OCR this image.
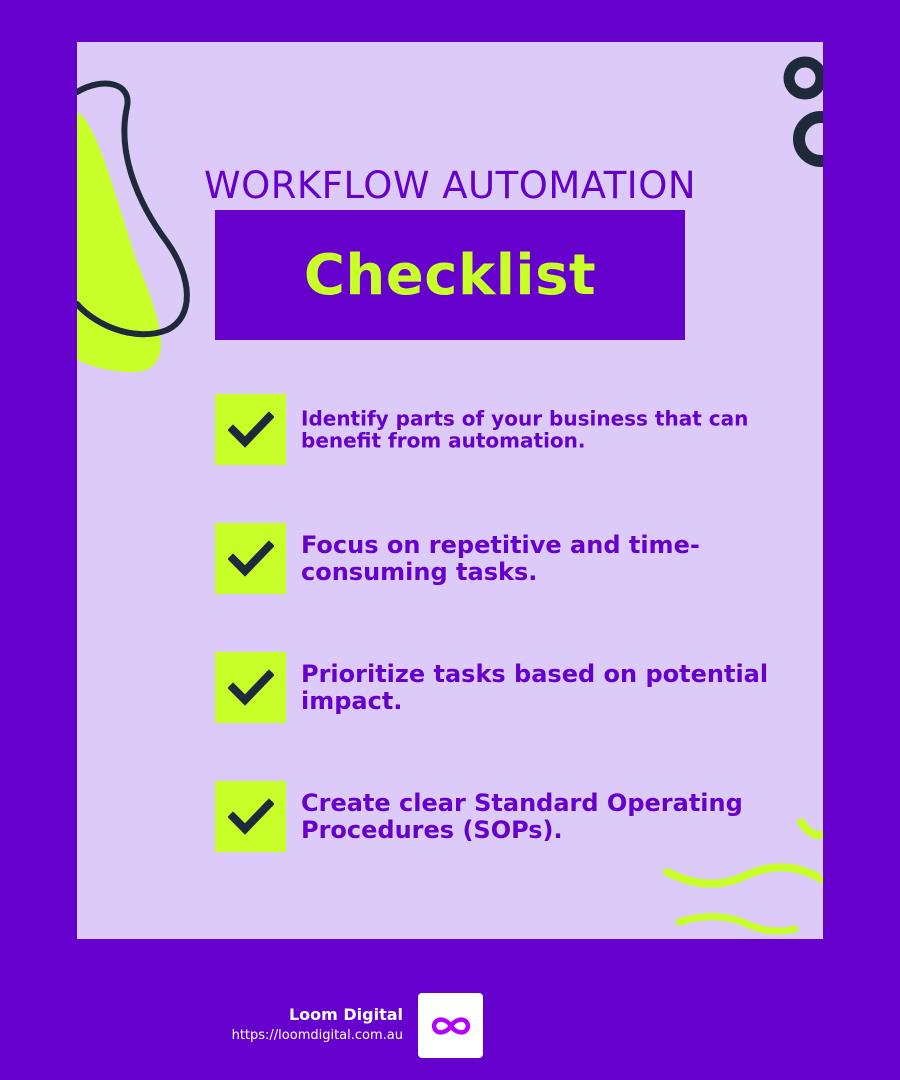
WORKFLOW AUTOMATION
Checklist
Identify parts of your business that can benefit from automation.
Focus on repetitive and time-consuming tasks.
Prioritize tasks based on potential impact.
Create clear Standard Operating Procedures (SOPs).
Loom Digital
https://loomdigital.com.au
